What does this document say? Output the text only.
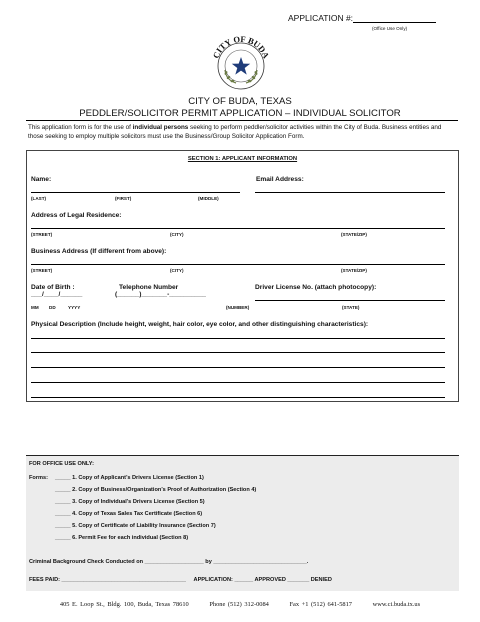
APPLICATION #:
(Office Use Only)
CITY OF BUDA
CITY OF BUDA, TEXAS
PEDDLER/SOLICITOR PERMIT APPLICATION – INDIVIDUAL SOLICITOR
This application form is for the use of individual persons seeking to perform peddler/solicitor activities within the City of Buda. Business entities and those seeking to employ multiple solicitors must use the Business/Group Solicitor Application Form.
SECTION 1: APPLICANT INFORMATION
Name:	Email Address:
(LAST)	(FIRST)	(MIDDLE)
Address of Legal Residence:
(STREET)	(CITY)	(STATE/ZIP)
Business Address (If different from above):
(STREET)	(CITY)	(STATE/ZIP)
Date of Birth :	Telephone Number	Driver License No. (attach photocopy):
___/____/______	(______)_______-__________
MM DD	YYYY	(NUMBER)	(STATE)
Physical Description (Include height, weight, hair color, eye color, and other distinguishing characteristics):
FOR OFFICE USE ONLY:
Forms: _____ 1. Copy of Applicant’s Drivers License (Section 1)
_____ 2. Copy of Business/Organization’s Proof of Authorization (Section 4)
_____ 3. Copy of Individual’s Drivers License (Section 5)
_____ 4. Copy of Texas Sales Tax Certificate (Section 6)
_____ 5. Copy of Certificate of Liability Insurance (Section 7)
_____ 6. Permit Fee for each individual (Section 8)
Criminal Background Check Conducted on ___________________ by ______________________________.
FEES PAID: ________________________________________     APPLICATION: ______ APPROVED _______ DENIED
405 E. Loop St., Bldg. 100, Buda, Texas 78610	Phone (512) 312-0084	Fax +1 (512) 641-5817	www.ci.buda.tx.us
